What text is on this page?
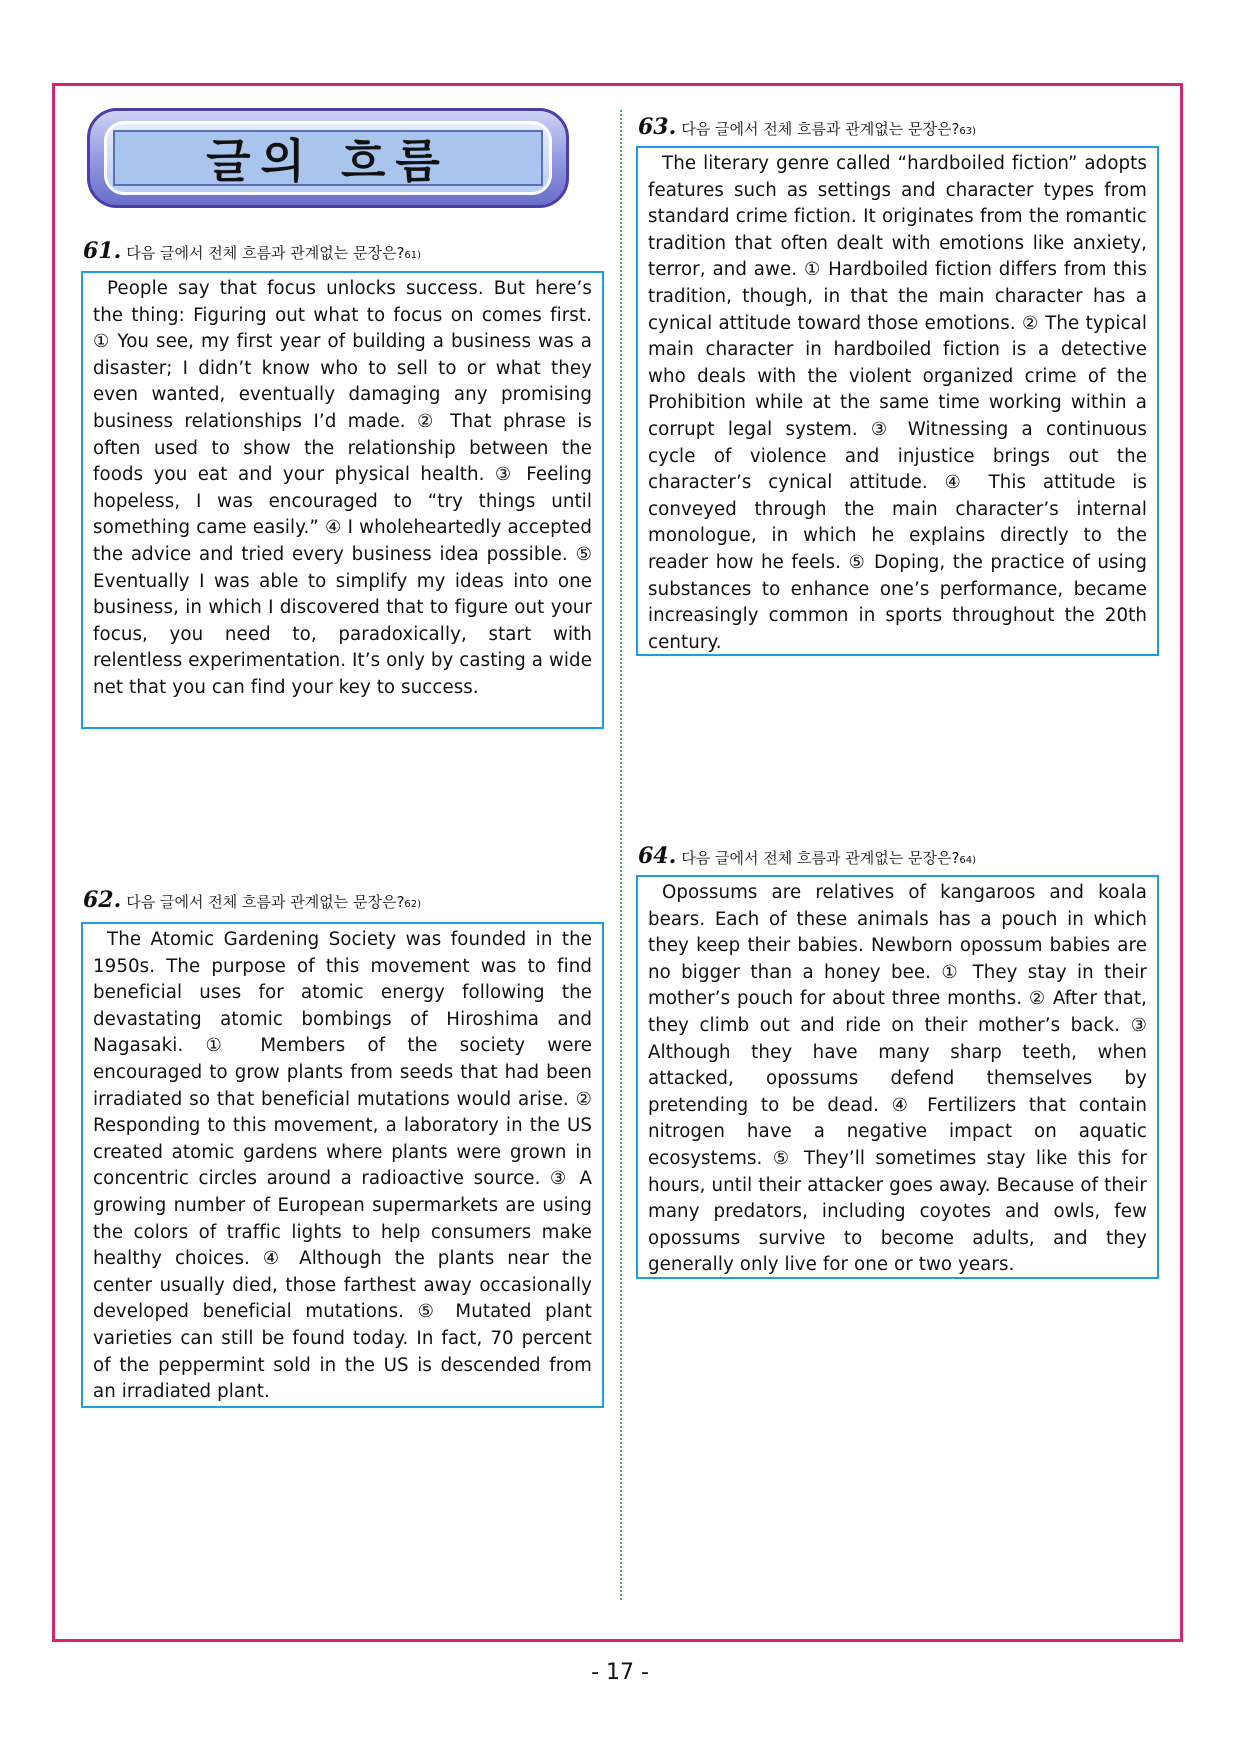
글의 흐름
61. 다음 글에서 전체 흐름과 관계없는 문장은? 61)

People say that focus unlocks success. But here’s the thing: Figuring out what to focus on comes first. ① You see, my first year of building a business was a disaster; I didn’t know who to sell to or what they even wanted, eventually damaging any promising business relationships I’d made. ② That phrase is often used to show the relationship between the foods you eat and your physical health. ③ Feeling hopeless, I was encouraged to “try things until something came easily.” ④ I wholeheartedly accepted the advice and tried every business idea possible. ⑤ Eventually I was able to simplify my ideas into one business, in which I discovered that to figure out your focus, you need to, paradoxically, start with relentless experimentation. It’s only by casting a wide net that you can find your key to success.

62. 다음 글에서 전체 흐름과 관계없는 문장은? 62)

The Atomic Gardening Society was founded in the 1950s. The purpose of this movement was to find beneficial uses for atomic energy following the devastating atomic bombings of Hiroshima and Nagasaki. ① Members of the society were encouraged to grow plants from seeds that had been irradiated so that beneficial mutations would arise. ② Responding to this movement, a laboratory in the US created atomic gardens where plants were grown in concentric circles around a radioactive source. ③ A growing number of European supermarkets are using the colors of traffic lights to help consumers make healthy choices. ④ Although the plants near the center usually died, those farthest away occasionally developed beneficial mutations. ⑤ Mutated plant varieties can still be found today. In fact, 70 percent of the peppermint sold in the US is descended from an irradiated plant.

63. 다음 글에서 전체 흐름과 관계없는 문장은? 63)

The literary genre called “hardboiled fiction” adopts features such as settings and character types from standard crime fiction. It originates from the romantic tradition that often dealt with emotions like anxiety, terror, and awe. ① Hardboiled fiction differs from this tradition, though, in that the main character has a cynical attitude toward those emotions. ② The typical main character in hardboiled fiction is a detective who deals with the violent organized crime of the Prohibition while at the same time working within a corrupt legal system. ③ Witnessing a continuous cycle of violence and injustice brings out the character’s cynical attitude. ④ This attitude is conveyed through the main character’s internal monologue, in which he explains directly to the reader how he feels. ⑤ Doping, the practice of using substances to enhance one’s performance, became increasingly common in sports throughout the 20th century.

64. 다음 글에서 전체 흐름과 관계없는 문장은? 64)

Opossums are relatives of kangaroos and koala bears. Each of these animals has a pouch in which they keep their babies. Newborn opossum babies are no bigger than a honey bee. ① They stay in their mother’s pouch for about three months. ② After that, they climb out and ride on their mother’s back. ③ Although they have many sharp teeth, when attacked, opossums defend themselves by pretending to be dead. ④ Fertilizers that contain nitrogen have a negative impact on aquatic ecosystems. ⑤ They’ll sometimes stay like this for hours, until their attacker goes away. Because of their many predators, including coyotes and owls, few opossums survive to become adults, and they generally only live for one or two years.

- 17 -
